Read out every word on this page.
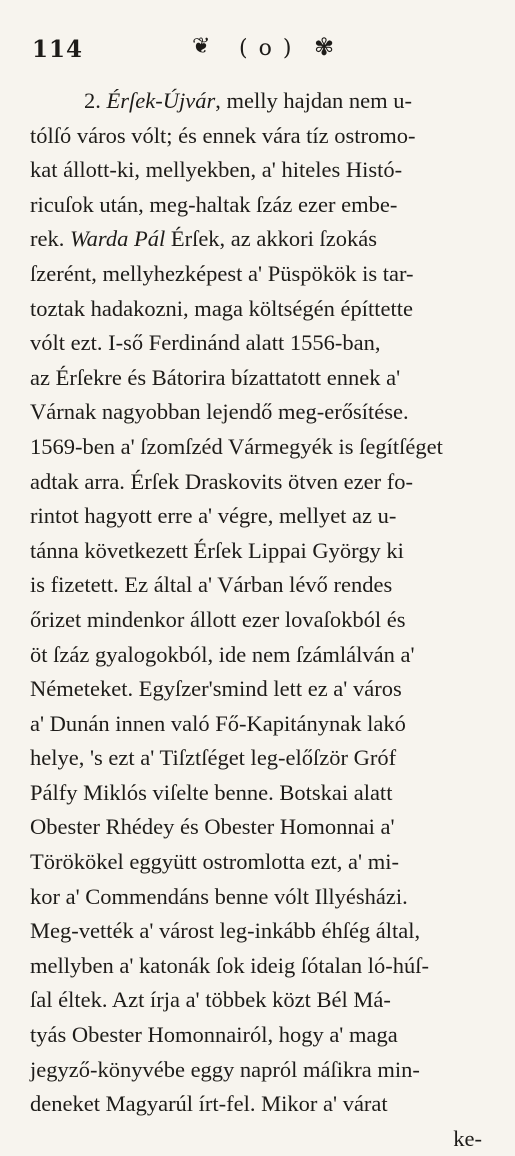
114	❦ ( o ) ✾
2. Érſek-Újvár, melly hajdan nem u-
tólſó város vólt; és ennek vára tíz ostromo-
kat állott-ki, mellyekben, a' hiteles Histó-
ricuſok után, meg-haltak ſzáz ezer embe-
rek. Warda Pál Érſek, az akkori ſzokás
ſzerént, mellyhezképest a' Püspökök is tar-
toztak hadakozni, maga költségén építtette
vólt ezt. I-ső Ferdinánd alatt 1556-ban,
az Érſekre és Bátorira bízattatott ennek a'
Várnak nagyobban lejendő meg-erősítése.
1569-ben a' ſzomſzéd Vármegyék is ſegítſéget
adtak arra. Érſek Draskovits ötven ezer fo-
rintot hagyott erre a' végre, mellyet az u-
tánna következett Érſek Lippai György ki
is fizetett. Ez által a' Várban lévő rendes
őrizet mindenkor állott ezer lovaſokból és
öt ſzáz gyalogokból, ide nem ſzámlálván a'
Németeket. Egyſzer'smind lett ez a' város
a' Dunán innen való Fő-Kapitánynak lakó
helye, 's ezt a' Tiſztſéget leg-előſzör Gróf
Pálfy Miklós viſelte benne. Botskai alatt
Obester Rhédey és Obester Homonnai a'
Törökökel eggyütt ostromlotta ezt, a' mi-
kor a' Commendáns benne vólt Illyésházi.
Meg-vették a' várost leg-inkább éhſég által,
mellyben a' katonák ſok ideig ſótalan ló-húſ-
ſal éltek. Azt írja a' többek közt Bél Má-
tyás Obester Homonnairól, hogy a' maga
jegyző-könyvébe eggy napról máſikra min-
deneket Magyarúl írt-fel. Mikor a' várat
ke-
